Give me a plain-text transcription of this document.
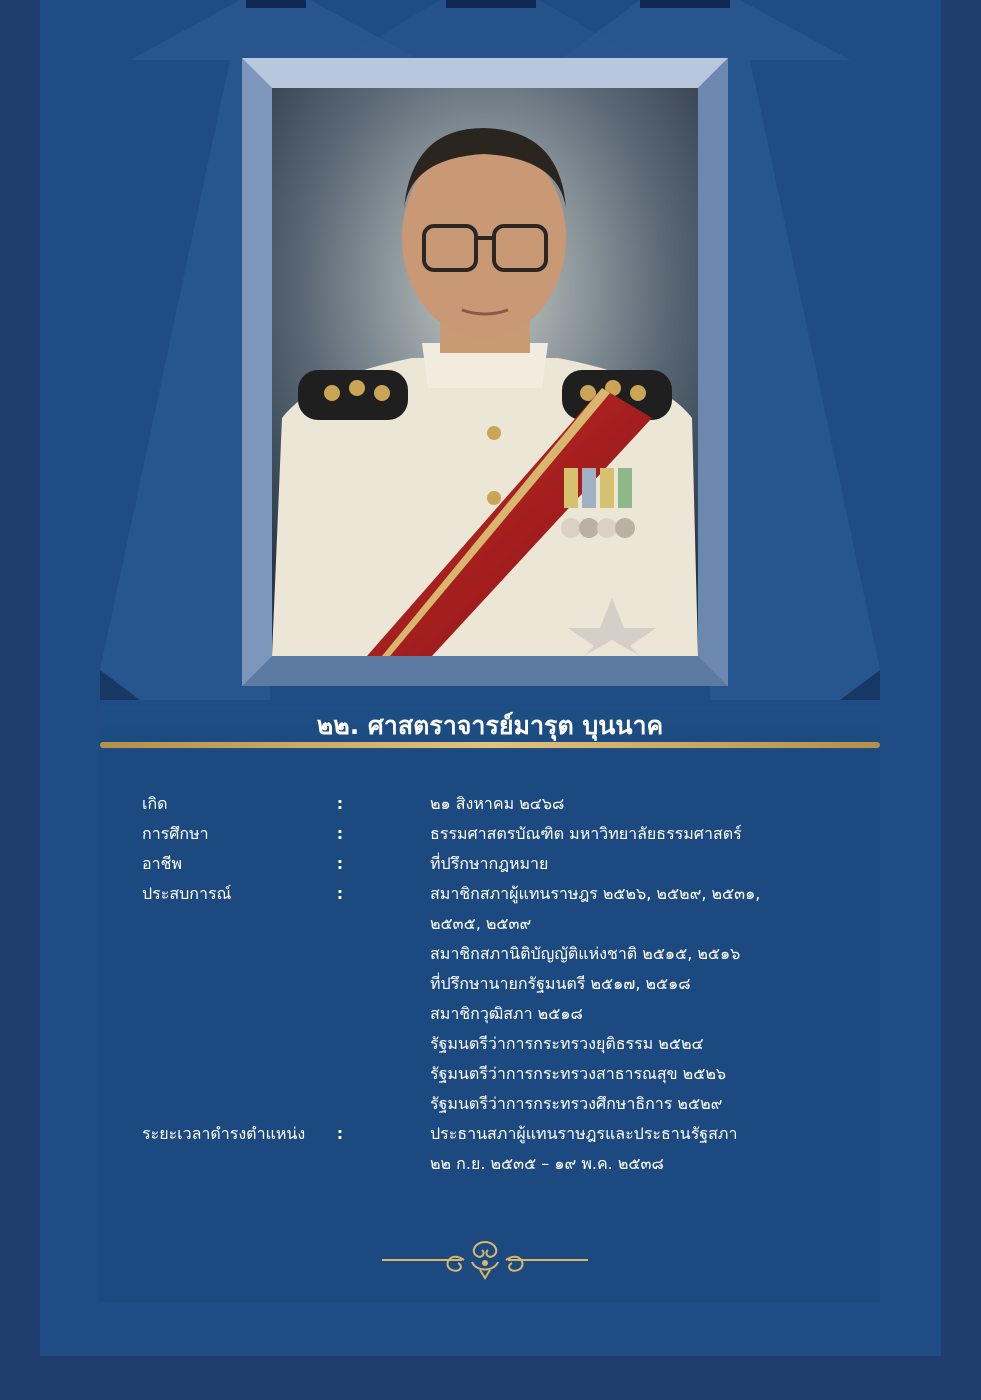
๒๒. ศาสตราจารย์มารุต บุนนาค
เกิด	:	๒๑ สิงหาคม ๒๔๖๘
การศึกษา	:	ธรรมศาสตรบัณฑิต มหาวิทยาลัยธรรมศาสตร์
อาชีพ	:	ที่ปรึกษากฎหมาย
ประสบการณ์	:	สมาชิกสภาผู้แทนราษฎร ๒๕๒๖, ๒๕๒๙, ๒๕๓๑,
๒๕๓๕, ๒๕๓๙
สมาชิกสภานิติบัญญัติแห่งชาติ ๒๕๑๕, ๒๕๑๖
ที่ปรึกษานายกรัฐมนตรี ๒๕๑๗, ๒๕๑๘
สมาชิกวุฒิสภา ๒๕๑๘
รัฐมนตรีว่าการกระทรวงยุติธรรม ๒๕๒๔
รัฐมนตรีว่าการกระทรวงสาธารณสุข ๒๕๒๖
รัฐมนตรีว่าการกระทรวงศึกษาธิการ ๒๕๒๙
ระยะเวลาดำรงตำแหน่ง :	ประธานสภาผู้แทนราษฎรและประธานรัฐสภา
๒๒ ก.ย. ๒๕๓๕ – ๑๙ พ.ค. ๒๕๓๘
